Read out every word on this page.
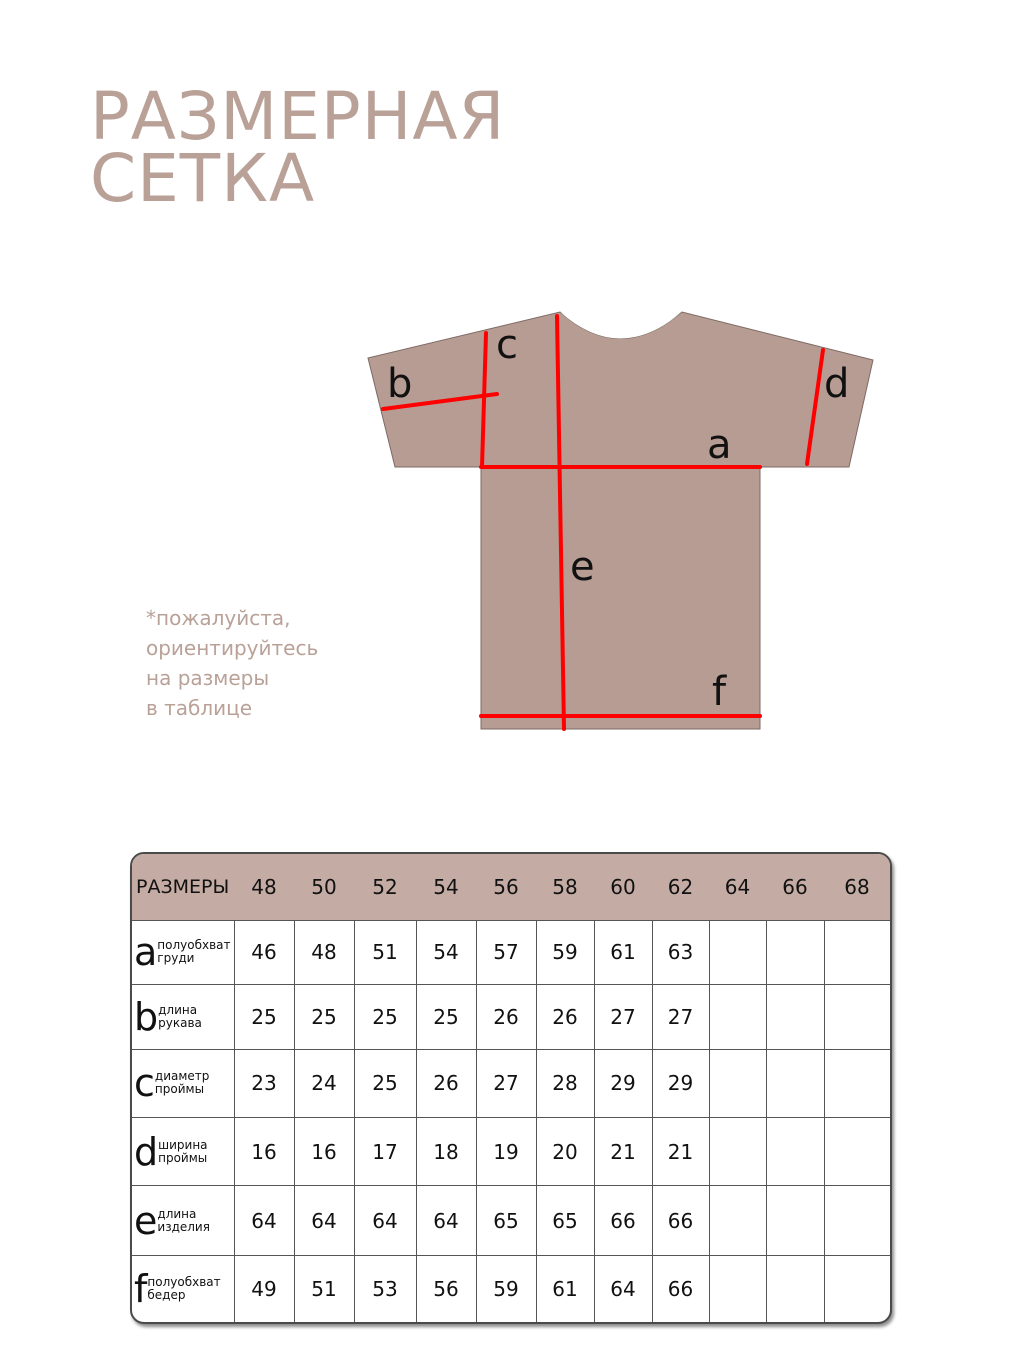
РАЗМЕРНАЯ
СЕТКА
a
b
c
d
e
f
*пожалуйста,
ориентируйтесь
на размеры
в таблице
РАЗМЕРЫ	48	50	52	54	56	58	60	62	64	66	68
a полуобхват
груди	46	48	51	54	57	59	61	63			
b длина
рукава	25	25	25	25	26	26	27	27			
c диаметр
проймы	23	24	25	26	27	28	29	29			
d ширина
проймы	16	16	17	18	19	20	21	21			
e длина
изделия	64	64	64	64	65	65	66	66			
f полуобхват
бедер	49	51	53	56	59	61	64	66			
